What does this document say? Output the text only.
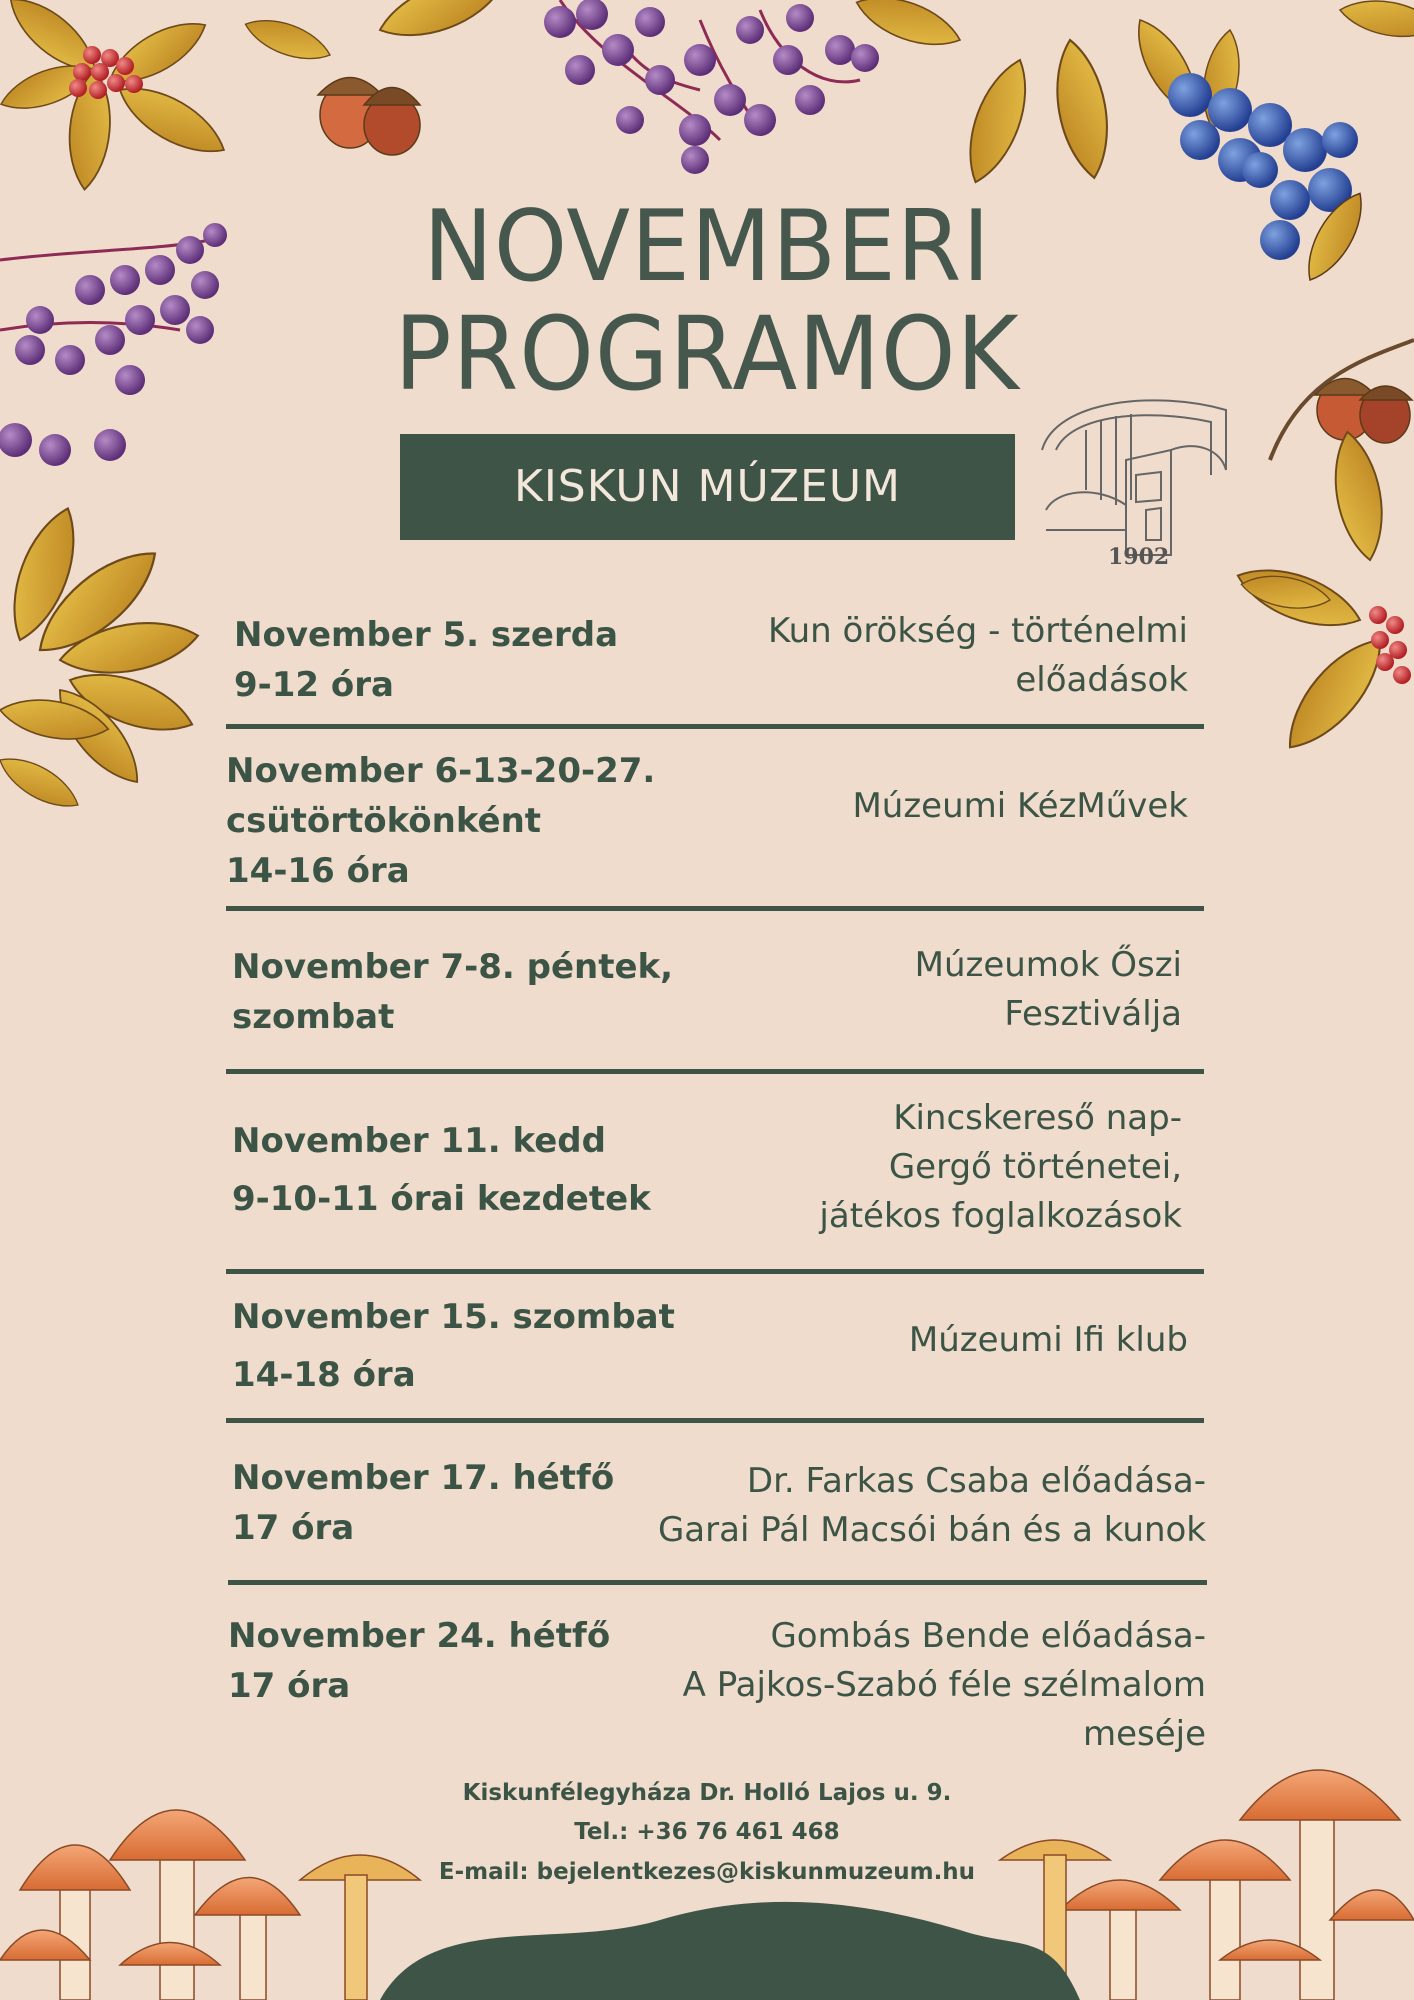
1902
NOVEMBERI
PROGRAMOK
KISKUN MÚZEUM
November 5. szerda
9-12 óra
Kun örökség - történelmi
előadások
November 6-13-20-27.
csütörtökönként
14-16 óra
Múzeumi KézMűvek
November 7-8. péntek,
szombat
Múzeumok Őszi
Fesztiválja
November 11. kedd
9-10-11 órai kezdetek
Kincskereső nap-
Gergő történetei,
játékos foglalkozások
November 15. szombat
14-18 óra
Múzeumi Ifi klub
November 17. hétfő
17 óra
Dr. Farkas Csaba előadása-
Garai Pál Macsói bán és a kunok
November 24. hétfő
17 óra
Gombás Bende előadása-
A Pajkos-Szabó féle szélmalom
meséje
Kiskunfélegyháza Dr. Holló Lajos u. 9.
Tel.: +36 76 461 468
E-mail: bejelentkezes@kiskunmuzeum.hu
